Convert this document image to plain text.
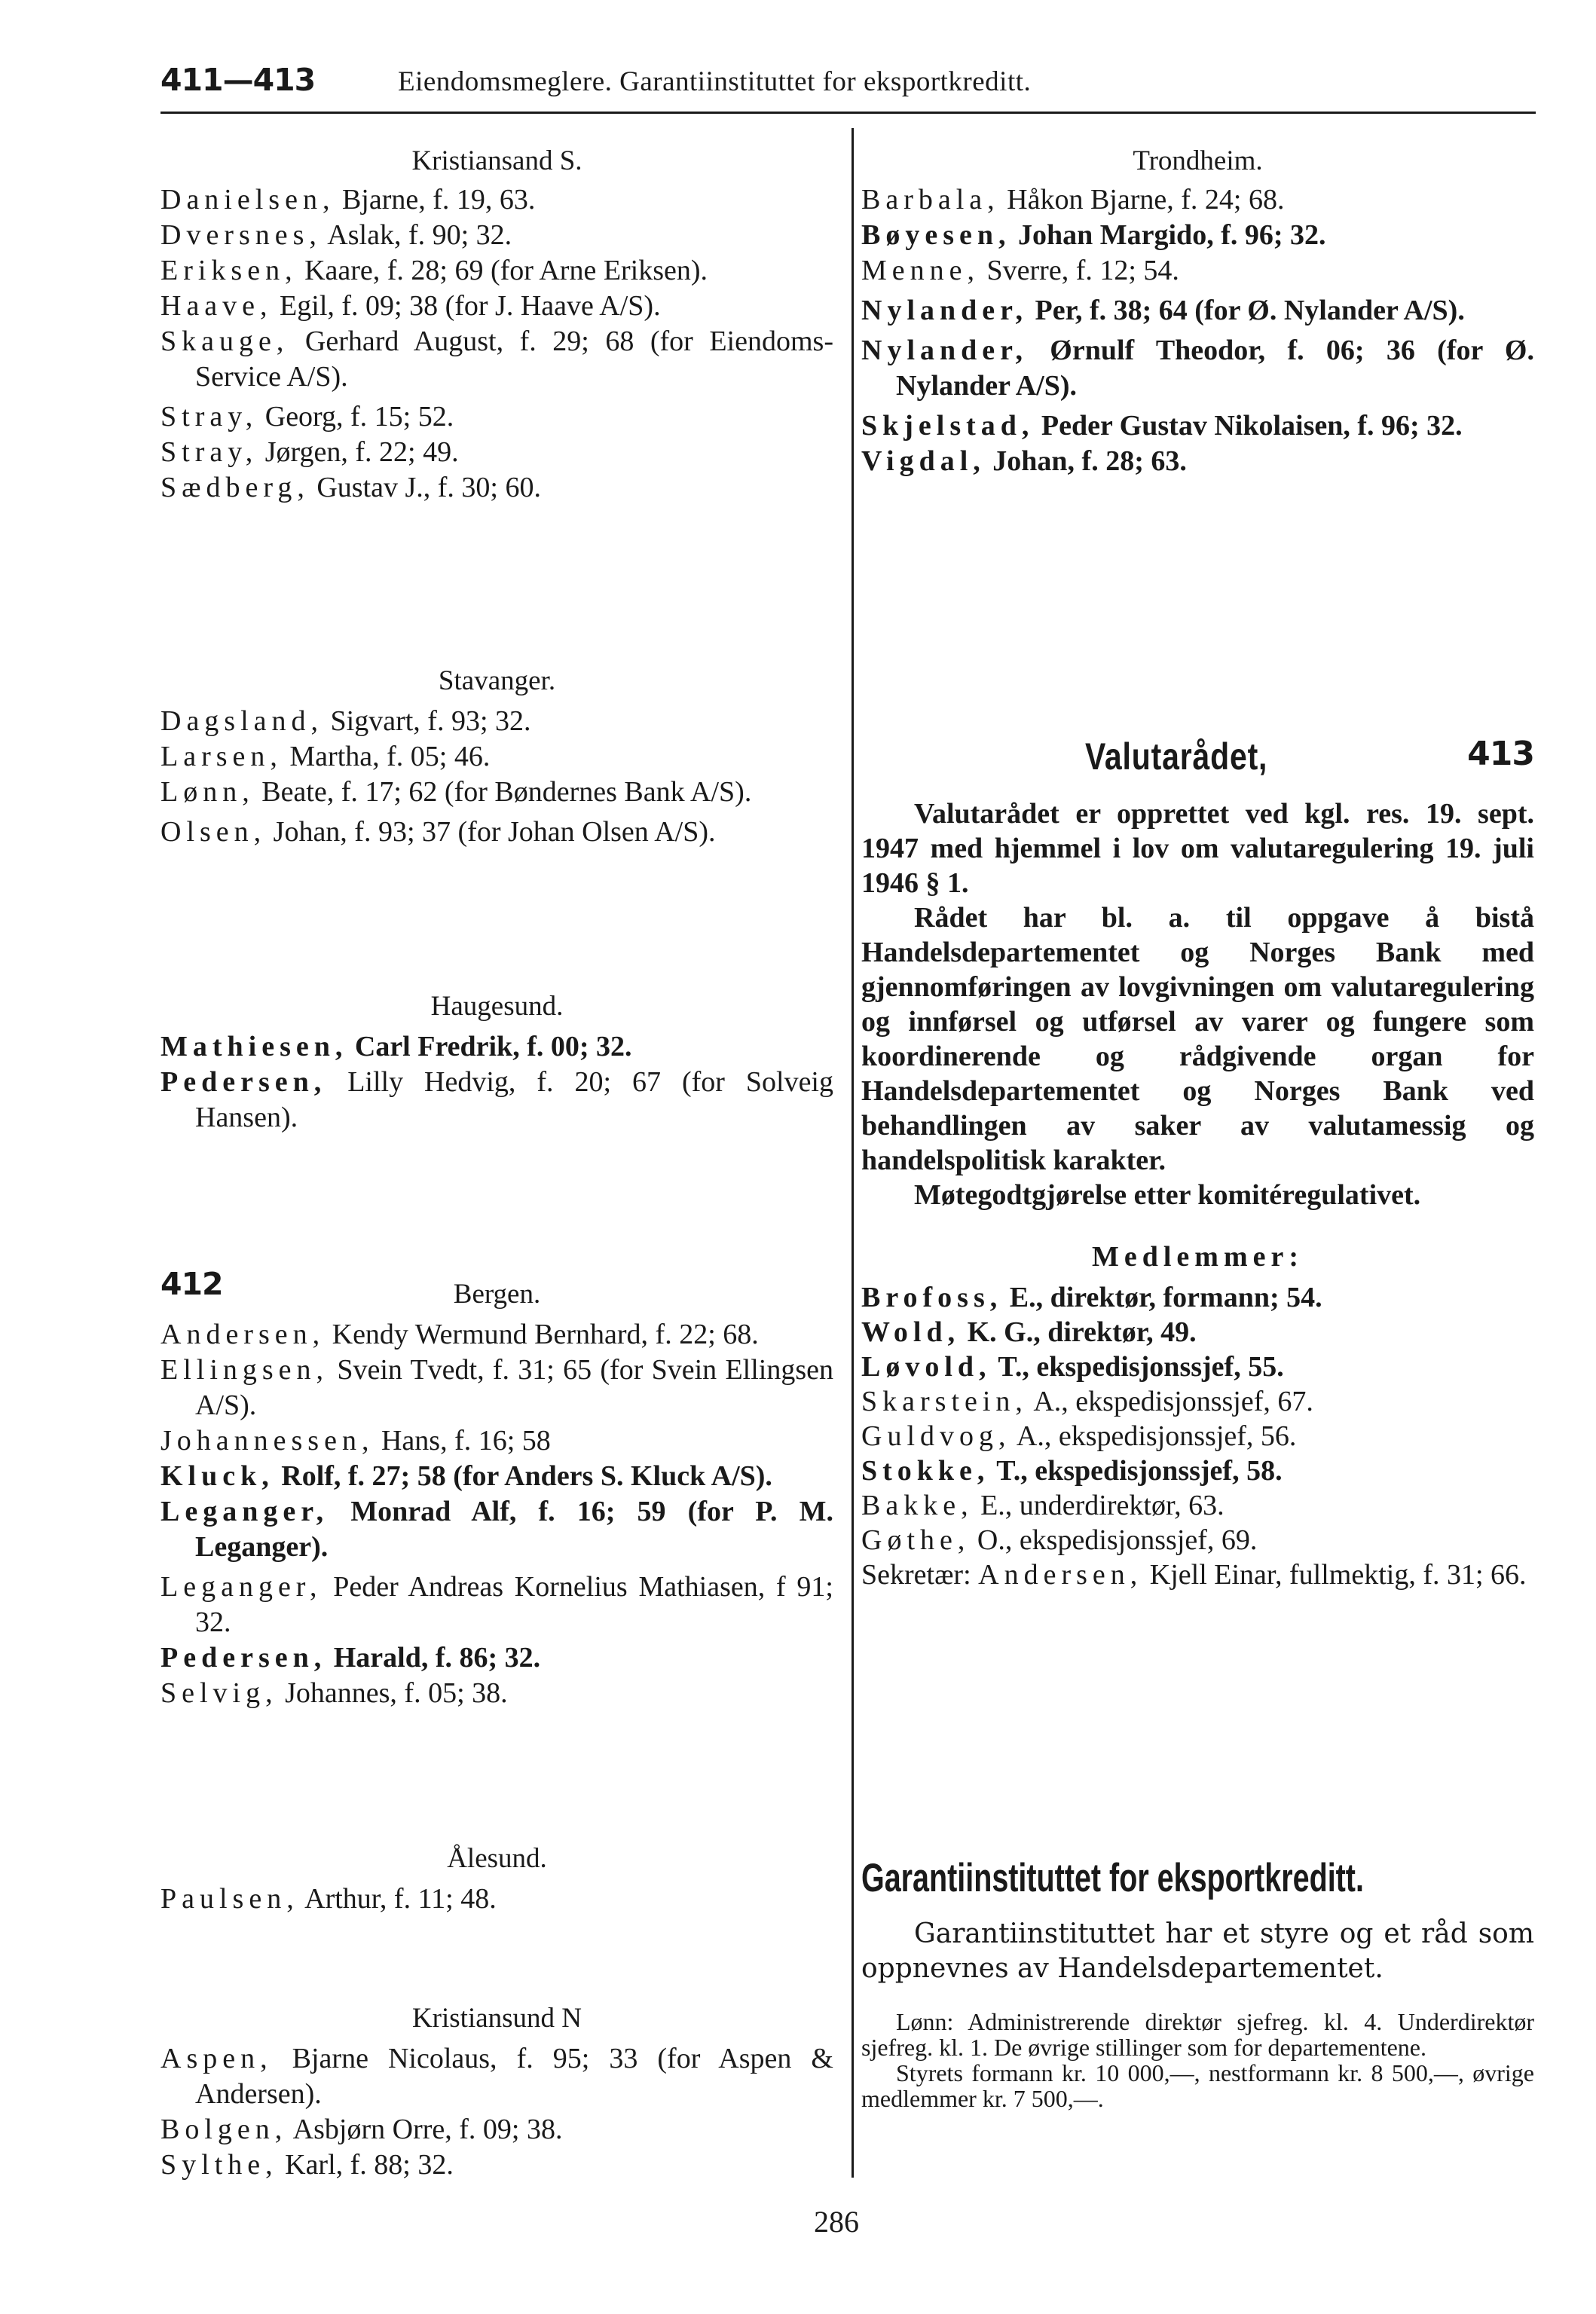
411—413	Eiendomsmeglere. Garantiinstituttet for eksportkreditt.
Kristiansand S.

Danielsen, Bjarne, f. 19, 63.

Dversnes, Aslak, f. 90; 32.

Eriksen, Kaare, f. 28; 69 (for Arne Eriksen).

Haave, Egil, f. 09; 38 (for J. Haave A/S).

Skauge, Gerhard August, f. 29; 68 (for Eiendoms-Service A/S).

Stray, Georg, f. 15; 52.

Stray, Jørgen, f. 22; 49.

Sædberg, Gustav J., f. 30; 60.

Stavanger.

Dagsland, Sigvart, f. 93; 32.

Larsen, Martha, f. 05; 46.

Lønn, Beate, f. 17; 62 (for Bøndernes Bank A/S).

Olsen, Johan, f. 93; 37 (for Johan Olsen A/S).

Haugesund.

Mathiesen, Carl Fredrik, f. 00; 32.

Pedersen, Lilly Hedvig, f. 20; 67 (for Solveig Hansen).

412	Bergen.

Andersen, Kendy Wermund Bernhard, f. 22; 68.

Ellingsen, Svein Tvedt, f. 31; 65 (for Svein Ellingsen A/S).

Johannessen, Hans, f. 16; 58

Kluck, Rolf, f. 27; 58 (for Anders S. Kluck A/S).

Leganger, Monrad Alf, f. 16; 59 (for P. M. Leganger).

Leganger, Peder Andreas Kornelius Mathiasen, f 91; 32.

Pedersen, Harald, f. 86; 32.

Selvig, Johannes, f. 05; 38.

Ålesund.

Paulsen, Arthur, f. 11; 48.

Kristiansund N

Aspen, Bjarne Nicolaus, f. 95; 33 (for Aspen & Andersen).

Bolgen, Asbjørn Orre, f. 09; 38.

Sylthe, Karl, f. 88; 32.

Trondheim.

Barbala, Håkon Bjarne, f. 24; 68.

Bøyesen, Johan Margido, f. 96; 32.

Menne, Sverre, f. 12; 54.

Nylander, Per, f. 38; 64 (for Ø. Nylander A/S).

Nylander, Ørnulf Theodor, f. 06; 36 (for Ø. Nylander A/S).

Skjelstad, Peder Gustav Nikolaisen, f. 96; 32.

Vigdal, Johan, f. 28; 63.

Valutarådet,	413

Valutarådet er opprettet ved kgl. res. 19. sept. 1947 med hjemmel i lov om valutaregulering 19. juli 1946 § 1.

Rådet har bl. a. til oppgave å bistå Handelsdepartementet og Norges Bank med gjennomføringen av lovgivningen om valutaregulering og innførsel og utførsel av varer og fungere som koordinerende og rådgivende organ for Handelsdepartementet og Norges Bank ved behandlingen av saker av valutamessig og handelspolitisk karakter.

Møtegodtgjørelse etter komitéregulativet.

Medlemmer:

Brofoss, E., direktør, formann; 54.

Wold, K. G., direktør, 49.

Løvold, T., ekspedisjonssjef, 55.

Skarstein, A., ekspedisjonssjef, 67.

Guldvog, A., ekspedisjonssjef, 56.

Stokke, T., ekspedisjonssjef, 58.

Bakke, E., underdirektør, 63.

Gøthe, O., ekspedisjonssjef, 69.

Sekretær: Andersen, Kjell Einar, fullmektig, f. 31; 66.

Garantiinstituttet for eksportkreditt.

Garantiinstituttet har et styre og et råd som oppnevnes av Handelsdepartementet.

Lønn: Administrerende direktør sjefreg. kl. 4. Underdirektør sjefreg. kl. 1. De øvrige stillinger som for departementene.

Styrets formann kr. 10 000,—, nestformann kr. 8 500,—, øvrige medlemmer kr. 7 500,—.

286
